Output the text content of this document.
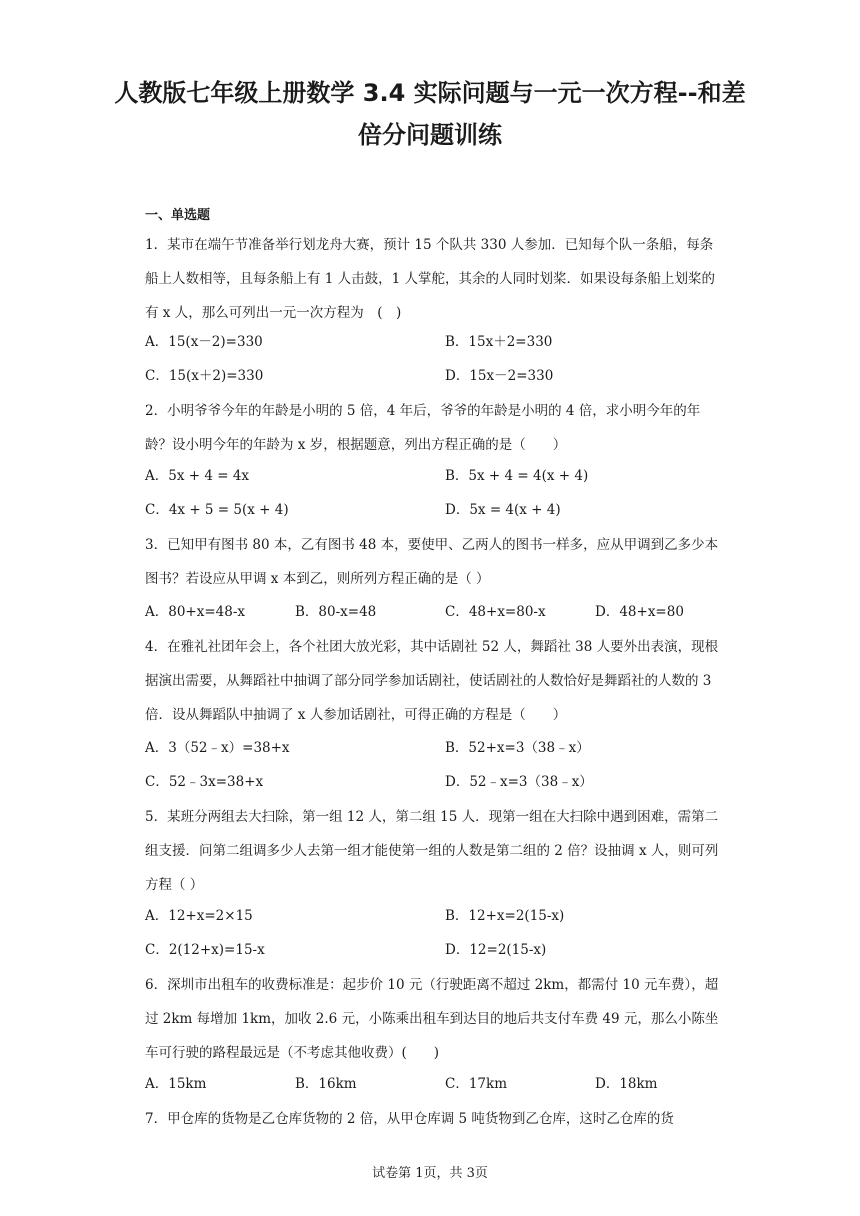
人教版七年级上册数学 3.4 实际问题与一元一次方程--和差
倍分问题训练
一、单选题
1．某市在端午节准备举行划龙舟大赛，预计 15 个队共 330 人参加．已知每个队一条船，每条船上人数相等，且每条船上有 1 人击鼓，1 人掌舵，其余的人同时划桨．如果设每条船上划桨的有 x 人，那么可列出一元一次方程为　(　)
A．15(x－2)=330	B．15x＋2=330
C．15(x＋2)=330	D．15x－2=330
2．小明爷爷今年的年龄是小明的 5 倍，4 年后，爷爷的年龄是小明的 4 倍，求小明今年的年龄？设小明今年的年龄为 x 岁，根据题意，列出方程正确的是（　　）
A．5x + 4 = 4x	B．5x + 4 = 4(x + 4)
C．4x + 5 = 5(x + 4)	D．5x = 4(x + 4)
3．已知甲有图书 80 本，乙有图书 48 本，要使甲、乙两人的图书一样多，应从甲调到乙多少本图书？若设应从甲调 x 本到乙，则所列方程正确的是（ ）
A．80+x=48-x	B．80-x=48	C．48+x=80-x	D．48+x=80
4．在雅礼社团年会上，各个社团大放光彩，其中话剧社 52 人，舞蹈社 38 人要外出表演，现根据演出需要，从舞蹈社中抽调了部分同学参加话剧社，使话剧社的人数恰好是舞蹈社的人数的 3 倍．设从舞蹈队中抽调了 x 人参加话剧社，可得正确的方程是（　　）
A．3（52﹣x）=38+x	B．52+x=3（38﹣x）
C．52﹣3x=38+x	D．52﹣x=3（38﹣x）
5．某班分两组去大扫除，第一组 12 人，第二组 15 人．现第一组在大扫除中遇到困难，需第二组支援．问第二组调多少人去第一组才能使第一组的人数是第二组的 2 倍？设抽调 x 人，则可列方程（ ）
A．12+x=2×15	B．12+x=2(15-x)
C．2(12+x)=15-x	D．12=2(15-x)
6．深圳市出租车的收费标准是：起步价 10 元（行驶距离不超过 2km，都需付 10 元车费），超过 2km 每增加 1km，加收 2.6 元，小陈乘出租车到达目的地后共支付车费 49 元，那么小陈坐车可行驶的路程最远是（不考虑其他收费）(　　)
A．15km	B．16km	C．17km	D．18km
7．甲仓库的货物是乙仓库货物的 2 倍，从甲仓库调 5 吨货物到乙仓库，这时乙仓库的货
试卷第 1页，共 3页
